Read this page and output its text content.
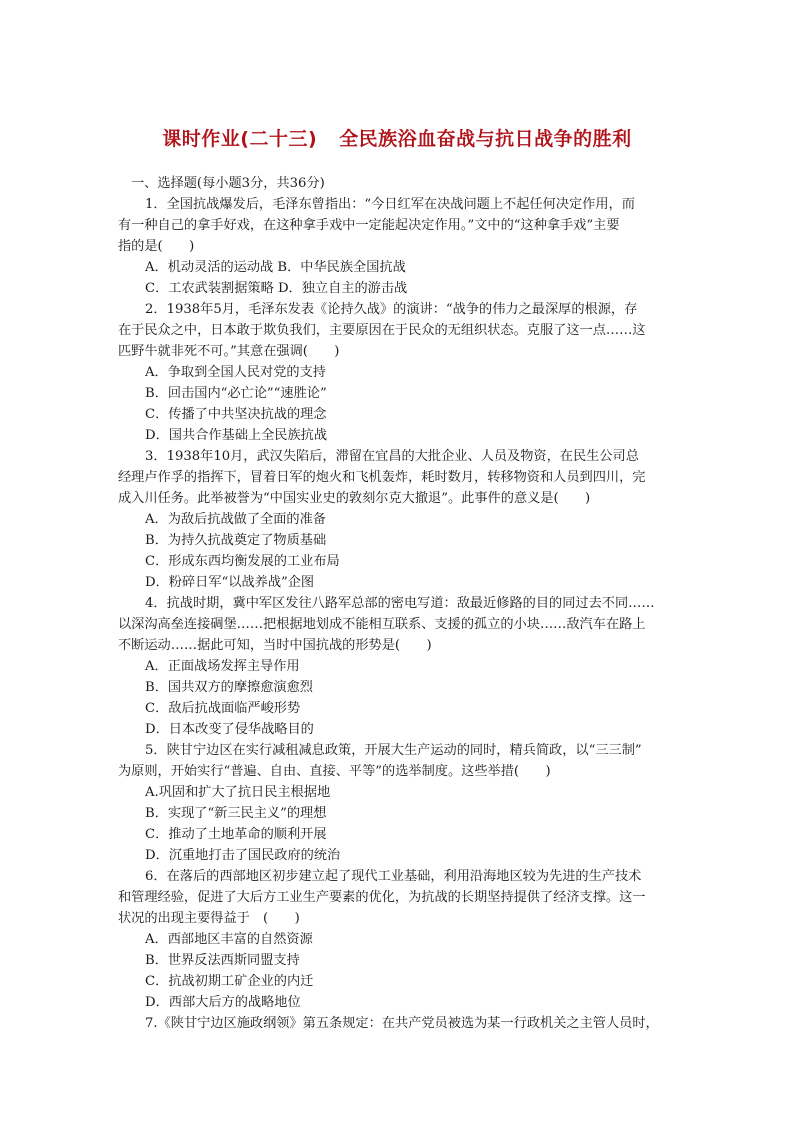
课时作业(二十三) 全民族浴血奋战与抗日战争的胜利

一、选择题(每小题3分，共36分)

1．全国抗战爆发后，毛泽东曾指出：“今日红军在决战问题上不起任何决定作用，而

有一种自己的拿手好戏，在这种拿手戏中一定能起决定作用。”文中的“这种拿手戏”主要

指的是(　　)

A．机动灵活的运动战 B．中华民族全国抗战

C．工农武装割据策略 D．独立自主的游击战

2．1938年5月，毛泽东发表《论持久战》的演讲：“战争的伟力之最深厚的根源，存

在于民众之中，日本敢于欺负我们，主要原因在于民众的无组织状态。克服了这一点……这

匹野牛就非死不可。”其意在强调(　　)

A．争取到全国人民对党的支持

B．回击国内“必亡论”“速胜论”

C．传播了中共坚决抗战的理念

D．国共合作基础上全民族抗战

3．1938年10月，武汉失陷后，滞留在宜昌的大批企业、人员及物资，在民生公司总

经理卢作孚的指挥下，冒着日军的炮火和飞机轰炸，耗时数月，转移物资和人员到四川，完

成入川任务。此举被誉为“中国实业史的敦刻尔克大撤退”。此事件的意义是(　　)

A．为敌后抗战做了全面的准备

B．为持久抗战奠定了物质基础

C．形成东西均衡发展的工业布局

D．粉碎日军“以战养战”企图

4．抗战时期，冀中军区发往八路军总部的密电写道：敌最近修路的目的同过去不同……

以深沟高垒连接碉堡……把根据地划成不能相互联系、支援的孤立的小块……敌汽车在路上

不断运动……据此可知，当时中国抗战的形势是(　　)

A．正面战场发挥主导作用

B．国共双方的摩擦愈演愈烈

C．敌后抗战面临严峻形势

D．日本改变了侵华战略目的

5．陕甘宁边区在实行减租减息政策，开展大生产运动的同时，精兵简政，以“三三制”

为原则，开始实行“普遍、自由、直接、平等”的选举制度。这些举措(　　)

A.巩固和扩大了抗日民主根据地

B．实现了“新三民主义”的理想

C．推动了土地革命的顺利开展

D．沉重地打击了国民政府的统治

6．在落后的西部地区初步建立起了现代工业基础，利用沿海地区较为先进的生产技术

和管理经验，促进了大后方工业生产要素的优化，为抗战的长期坚持提供了经济支撑。这一

状况的出现主要得益于　(　　)

A．西部地区丰富的自然资源

B．世界反法西斯同盟支持

C．抗战初期工矿企业的内迁

D．西部大后方的战略地位

7.《陕甘宁边区施政纲领》第五条规定：在共产党员被选为某一行政机关之主管人员时，
